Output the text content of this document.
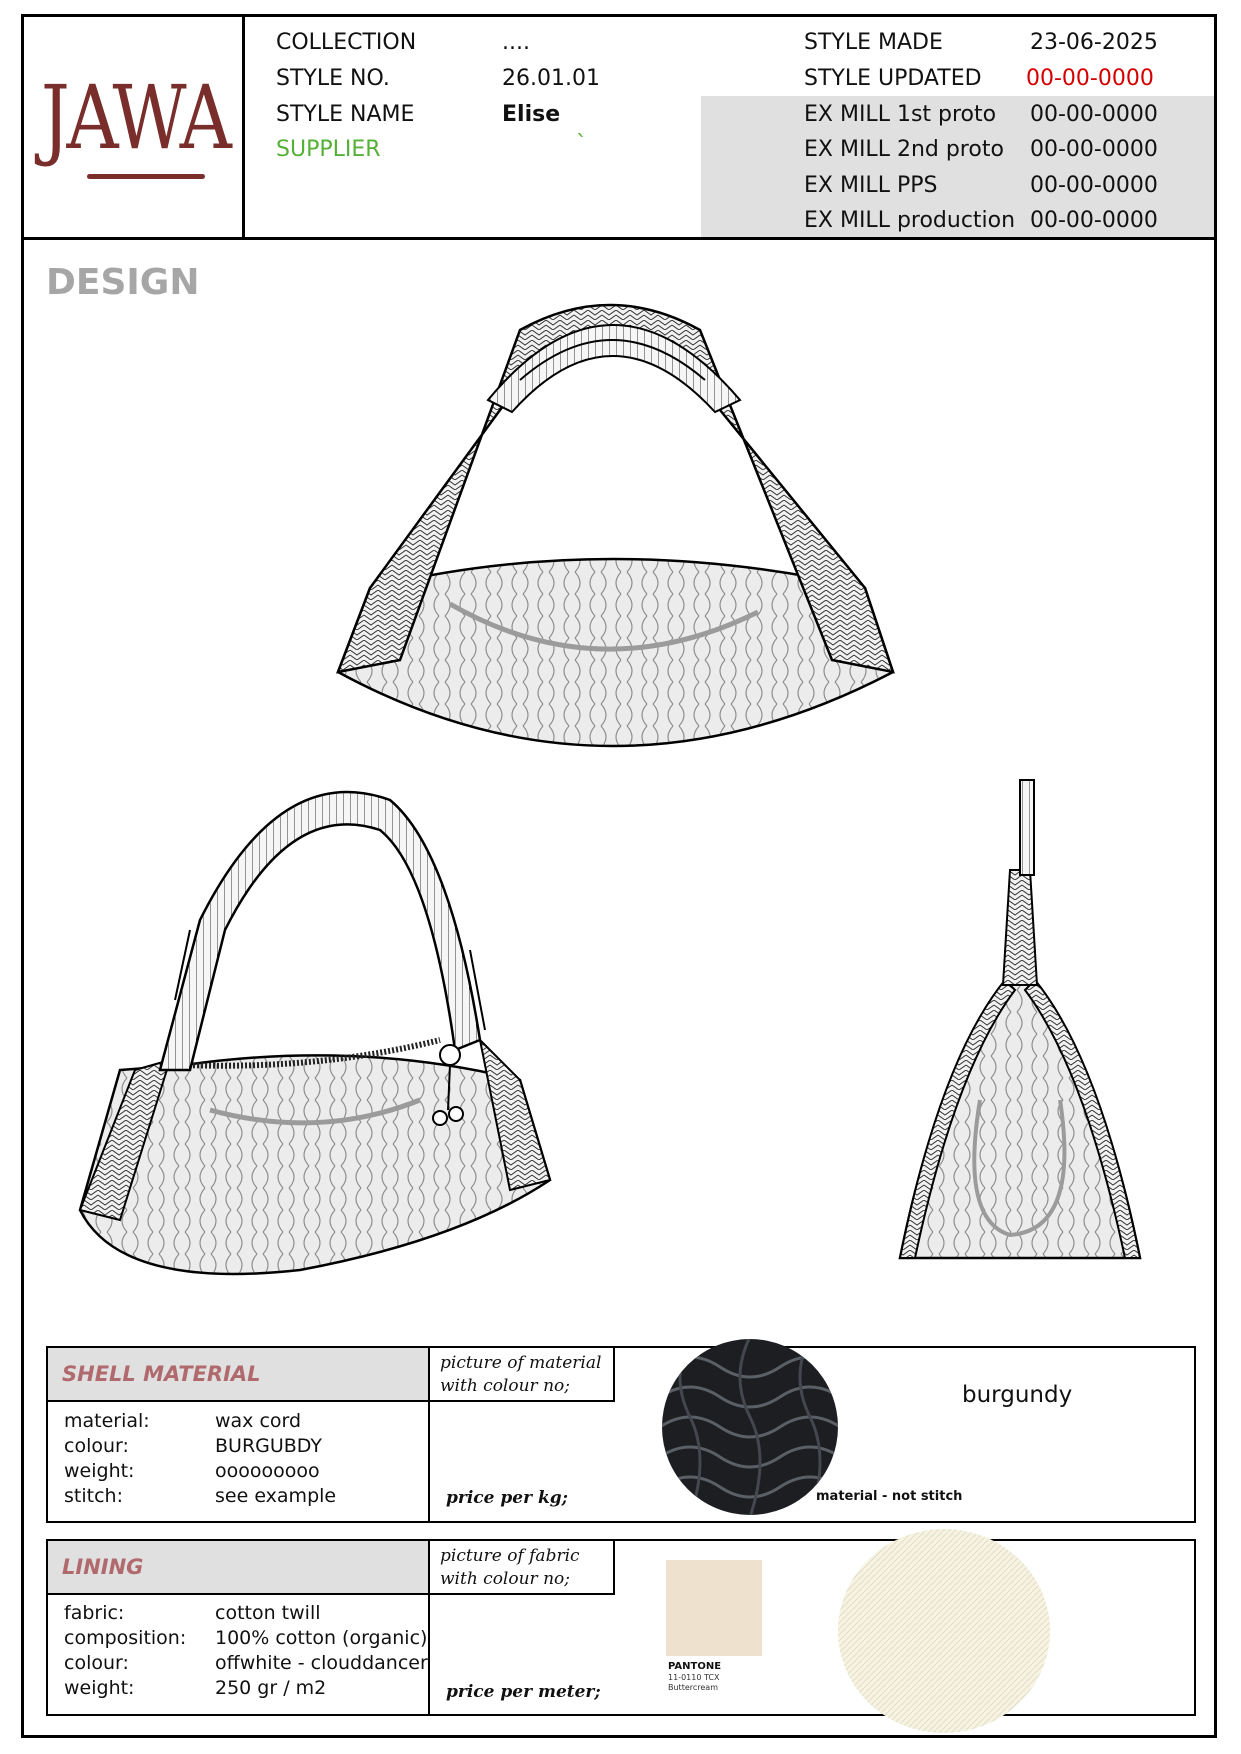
JAWA
COLLECTION	....
STYLE NO.	26.01.01
STYLE NAME	Elise
SUPPLIER	`
STYLE MADE	23-06-2025
STYLE UPDATED 00-00-0000
EX MILL 1st proto 00-00-0000
EX MILL 2nd proto 00-00-0000
EX MILL PPS	00-00-0000
EX MILL production 00-00-0000
DESIGN
SHELL MATERIAL	picture of material with colour no;
material:	wax cord
colour:	BURGUBDY
weight:	ooooooooo
stitch:	see example	price per kg;	material - not stitch
burgundy
LINING	picture of fabric with colour no;
fabric:	cotton twill
composition: 100% cotton (organic)
colour:	offwhite - clouddancer
weight:	250 gr / m2	price per meter;
PANTONE
11-0110 TCX
Buttercream
